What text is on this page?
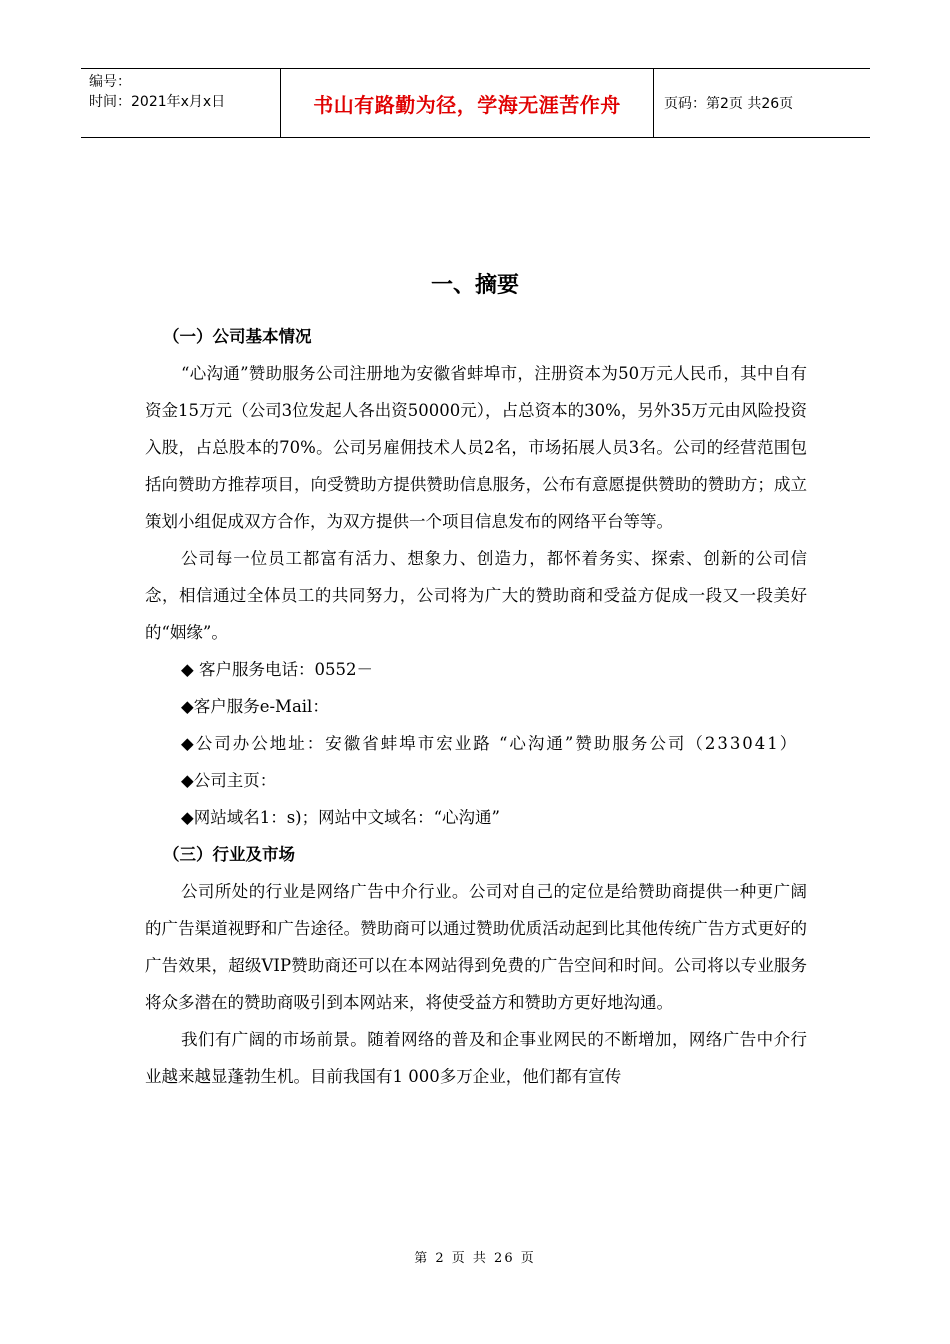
编号：
时间：2021年x月x日	书山有路勤为径，学海无涯苦作舟	页码：第2页 共26页
一、摘要
（一）公司基本情况

“心沟通”赞助服务公司注册地为安徽省蚌埠市，注册资本为50万元人民币，其中自有资金15万元（公司3位发起人各出资50000元），占总资本的30%，另外35万元由风险投资入股，占总股本的70%。公司另雇佣技术人员2名，市场拓展人员3名。公司的经营范围包括向赞助方推荐项目，向受赞助方提供赞助信息服务，公布有意愿提供赞助的赞助方；成立策划小组促成双方合作，为双方提供一个项目信息发布的网络平台等等。

公司每一位员工都富有活力、想象力、创造力，都怀着务实、探索、创新的公司信念，相信通过全体员工的共同努力，公司将为广大的赞助商和受益方促成一段又一段美好的“姻缘”。

◆ 客户服务电话：0552－

◆客户服务e-Mail：

◆公司办公地址：安徽省蚌埠市宏业路 “心沟通”赞助服务公司（233041）

◆公司主页：

◆网站域名1：s)；网站中文域名：“心沟通”

（三）行业及市场

公司所处的行业是网络广告中介行业。公司对自己的定位是给赞助商提供一种更广阔的广告渠道视野和广告途径。赞助商可以通过赞助优质活动起到比其他传统广告方式更好的广告效果，超级VIP赞助商还可以在本网站得到免费的广告空间和时间。公司将以专业服务将众多潜在的赞助商吸引到本网站来，将使受益方和赞助方更好地沟通。

我们有广阔的市场前景。随着网络的普及和企事业网民的不断增加，网络广告中介行业越来越显蓬勃生机。目前我国有1 000多万企业，他们都有宣传

第 2 页 共 26 页
